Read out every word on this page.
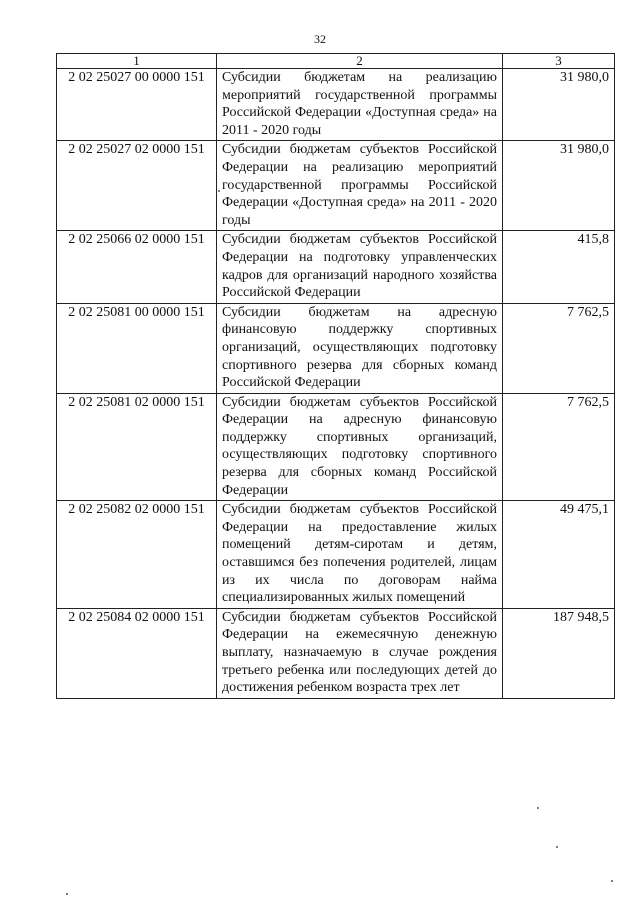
32
1	2	3
2 02 25027 00 0000 151	Субсидии бюджетам на реализацию мероприятий государственной программы Российской Федерации «Доступная среда» на 2011 - 2020 годы	31 980,0
2 02 25027 02 0000 151	Субсидии бюджетам субъектов Российской Федерации на реализацию мероприятий государственной программы Российской Федерации «Доступная среда» на 2011 - 2020 годы	31 980,0
2 02 25066 02 0000 151	Субсидии бюджетам субъектов Российской Федерации на подготовку управленческих кадров для организаций народного хозяйства Российской Федерации	415,8
2 02 25081 00 0000 151	Субсидии бюджетам на адресную финансовую поддержку спортивных организаций, осуществляющих подготовку спортивного резерва для сборных команд Российской Федерации	7 762,5
2 02 25081 02 0000 151	Субсидии бюджетам субъектов Российской Федерации на адресную финансовую поддержку спортивных организаций, осуществляющих подготовку спортивного резерва для сборных команд Российской Федерации	7 762,5
2 02 25082 02 0000 151	Субсидии бюджетам субъектов Российской Федерации на предоставление жилых помещений детям-сиротам и детям, оставшимся без попечения родителей, лицам из их числа по договорам найма специализированных жилых помещений	49 475,1
2 02 25084 02 0000 151	Субсидии бюджетам субъектов Российской Федерации на ежемесячную денежную выплату, назначаемую в случае рождения третьего ребенка или последующих детей до достижения ребенком возраста трех лет	187 948,5
